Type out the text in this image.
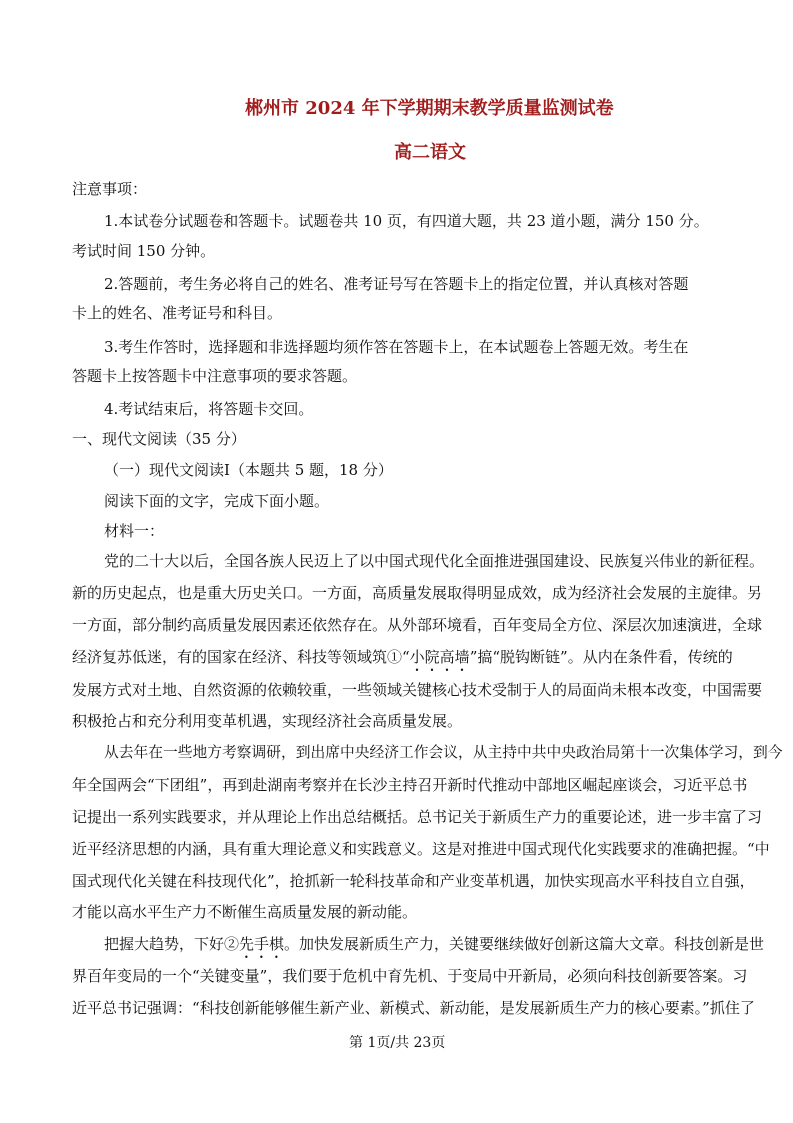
郴州市 2024 年下学期期末教学质量监测试卷
高二语文
注意事项：
1.本试卷分试题卷和答题卡。试题卷共 10 页，有四道大题，共 23 道小题，满分 150 分。
考试时间 150 分钟。
2.答题前，考生务必将自己的姓名、准考证号写在答题卡上的指定位置，并认真核对答题
卡上的姓名、准考证号和科目。
3.考生作答时，选择题和非选择题均须作答在答题卡上，在本试题卷上答题无效。考生在
答题卡上按答题卡中注意事项的要求答题。
4.考试结束后，将答题卡交回。
一、现代文阅读（35 分）
（一）现代文阅读Ⅰ（本题共 5 题，18 分）
阅读下面的文字，完成下面小题。
材料一：
党的二十大以后，全国各族人民迈上了以中国式现代化全面推进强国建设、民族复兴伟业的新征程。
新的历史起点，也是重大历史关口。一方面，高质量发展取得明显成效，成为经济社会发展的主旋律。另
一方面，部分制约高质量发展因素还依然存在。从外部环境看，百年变局全方位、深层次加速演进，全球
经济复苏低迷，有的国家在经济、科技等领域筑①“小院高墙”搞“脱钩断链”。从内在条件看，传统的
发展方式对土地、自然资源的依赖较重，一些领域关键核心技术受制于人的局面尚未根本改变，中国需要
积极抢占和充分利用变革机遇，实现经济社会高质量发展。
从去年在一些地方考察调研，到出席中央经济工作会议，从主持中共中央政治局第十一次集体学习，到今
年全国两会“下团组”，再到赴湖南考察并在长沙主持召开新时代推动中部地区崛起座谈会，习近平总书
记提出一系列实践要求，并从理论上作出总结概括。总书记关于新质生产力的重要论述，进一步丰富了习
近平经济思想的内涵，具有重大理论意义和实践意义。这是对推进中国式现代化实践要求的准确把握。“中
国式现代化关键在科技现代化”，抢抓新一轮科技革命和产业变革机遇，加快实现高水平科技自立自强，
才能以高水平生产力不断催生高质量发展的新动能。
把握大趋势，下好②先手棋。加快发展新质生产力，关键要继续做好创新这篇大文章。科技创新是世
界百年变局的一个“关键变量”，我们要于危机中育先机、于变局中开新局，必须向科技创新要答案。习
近平总书记强调：“科技创新能够催生新产业、新模式、新动能，是发展新质生产力的核心要素。”抓住了
第 1页/共 23页
